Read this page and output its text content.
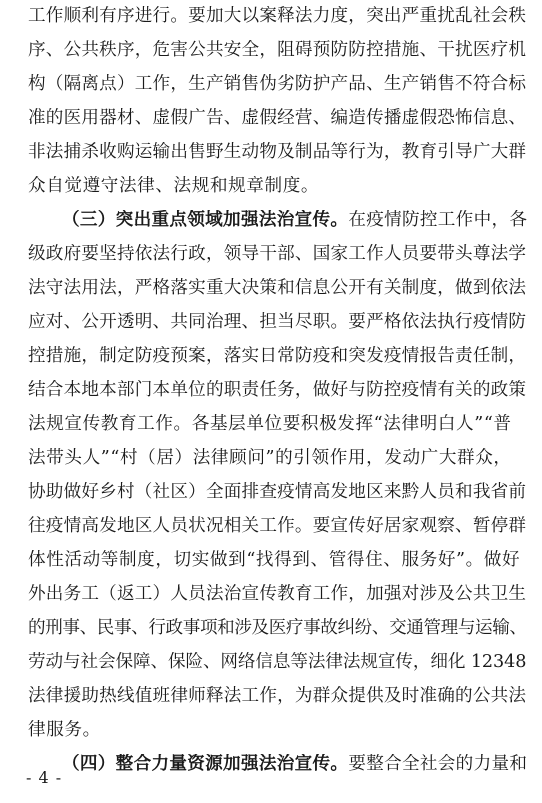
工作顺利有序进行。要加大以案释法力度，突出严重扰乱社会秩
序、公共秩序，危害公共安全，阻碍预防防控措施、干扰医疗机
构（隔离点）工作，生产销售伪劣防护产品、生产销售不符合标
准的医用器材、虚假广告、虚假经营、编造传播虚假恐怖信息、
非法捕杀收购运输出售野生动物及制品等行为，教育引导广大群
众自觉遵守法律、法规和规章制度。
（三）突出重点领域加强法治宣传。在疫情防控工作中，各
级政府要坚持依法行政，领导干部、国家工作人员要带头尊法学
法守法用法，严格落实重大决策和信息公开有关制度，做到依法
应对、公开透明、共同治理、担当尽职。要严格依法执行疫情防
控措施，制定防疫预案，落实日常防疫和突发疫情报告责任制，
结合本地本部门本单位的职责任务，做好与防控疫情有关的政策
法规宣传教育工作。各基层单位要积极发挥“法律明白人”“普
法带头人”“村（居）法律顾问”的引领作用，发动广大群众，
协助做好乡村（社区）全面排查疫情高发地区来黔人员和我省前
往疫情高发地区人员状况相关工作。要宣传好居家观察、暂停群
体性活动等制度，切实做到“找得到、管得住、服务好”。做好
外出务工（返工）人员法治宣传教育工作，加强对涉及公共卫生
的刑事、民事、行政事项和涉及医疗事故纠纷、交通管理与运输、
劳动与社会保障、保险、网络信息等法律法规宣传，细化 12348
法律援助热线值班律师释法工作，为群众提供及时准确的公共法
律服务。
（四）整合力量资源加强法治宣传。要整合全社会的力量和
- 4 -
